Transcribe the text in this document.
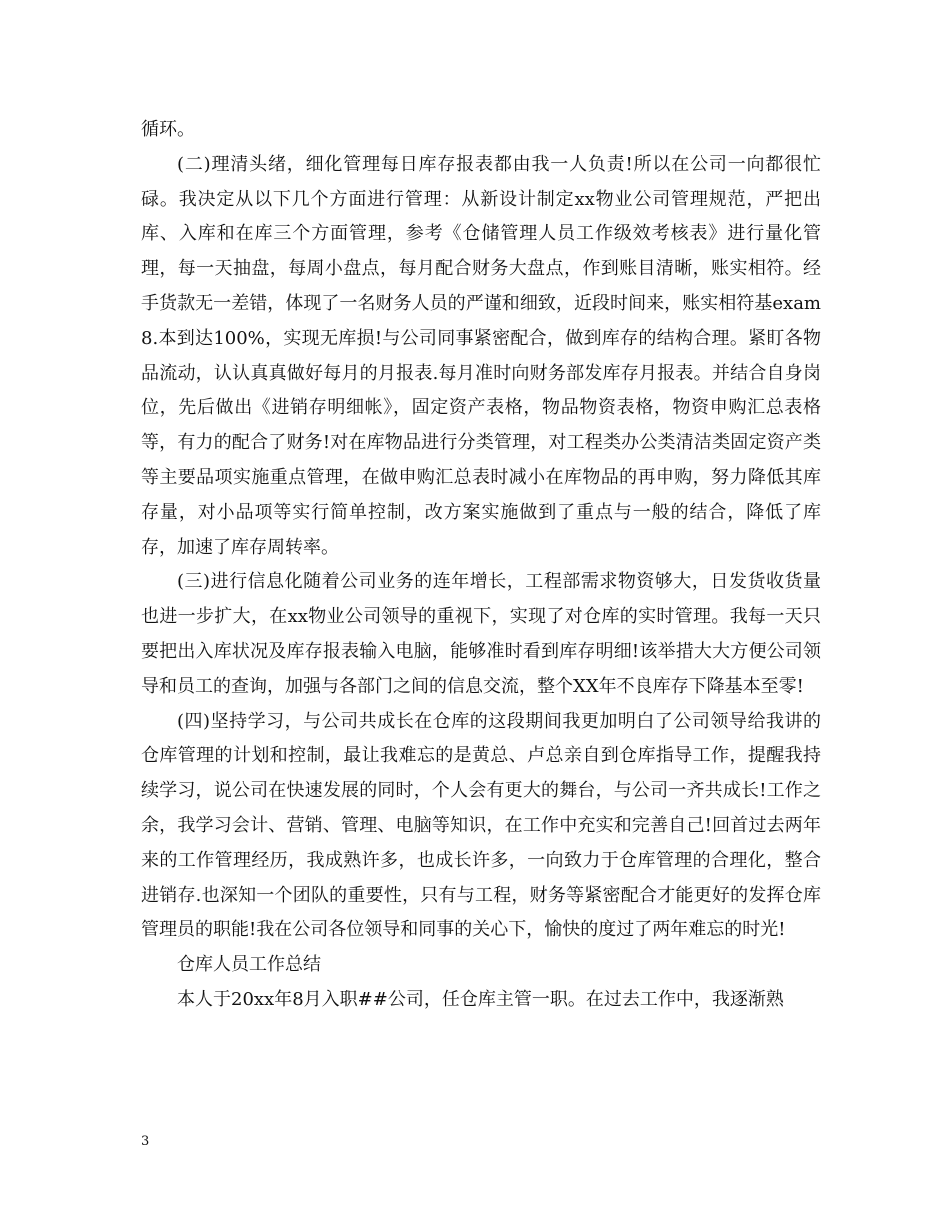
循环。

(二)理清头绪，细化管理每日库存报表都由我一人负责!所以在公司一向都很忙碌。我决定从以下几个方面进行管理：从新设计制定xx物业公司管理规范，严把出库、入库和在库三个方面管理，参考《仓储管理人员工作级效考核表》进行量化管理，每一天抽盘，每周小盘点，每月配合财务大盘点，作到账目清晰，账实相符。经手货款无一差错，体现了一名财务人员的严谨和细致，近段时间来，账实相符基exam8.本到达100%，实现无库损!与公司同事紧密配合，做到库存的结构合理。紧盯各物品流动，认认真真做好每月的月报表.每月准时向财务部发库存月报表。并结合自身岗位，先后做出《进销存明细帐》，固定资产表格，物品物资表格，物资申购汇总表格等，有力的配合了财务!对在库物品进行分类管理，对工程类办公类清洁类固定资产类等主要品项实施重点管理，在做申购汇总表时减小在库物品的再申购，努力降低其库存量，对小品项等实行简单控制，改方案实施做到了重点与一般的结合，降低了库存，加速了库存周转率。

(三)进行信息化随着公司业务的连年增长，工程部需求物资够大，日发货收货量也进一步扩大，在xx物业公司领导的重视下，实现了对仓库的实时管理。我每一天只要把出入库状况及库存报表输入电脑，能够准时看到库存明细!该举措大大方便公司领导和员工的查询，加强与各部门之间的信息交流，整个XX年不良库存下降基本至零!

(四)坚持学习，与公司共成长在仓库的这段期间我更加明白了公司领导给我讲的仓库管理的计划和控制，最让我难忘的是黄总、卢总亲自到仓库指导工作，提醒我持续学习，说公司在快速发展的同时，个人会有更大的舞台，与公司一齐共成长!工作之余，我学习会计、营销、管理、电脑等知识，在工作中充实和完善自己!回首过去两年来的工作管理经历，我成熟许多，也成长许多，一向致力于仓库管理的合理化，整合进销存.也深知一个团队的重要性，只有与工程，财务等紧密配合才能更好的发挥仓库管理员的职能!我在公司各位领导和同事的关心下，愉快的度过了两年难忘的时光!

仓库人员工作总结

本人于20xx年8月入职##公司，任仓库主管一职。在过去工作中，我逐渐熟

3
